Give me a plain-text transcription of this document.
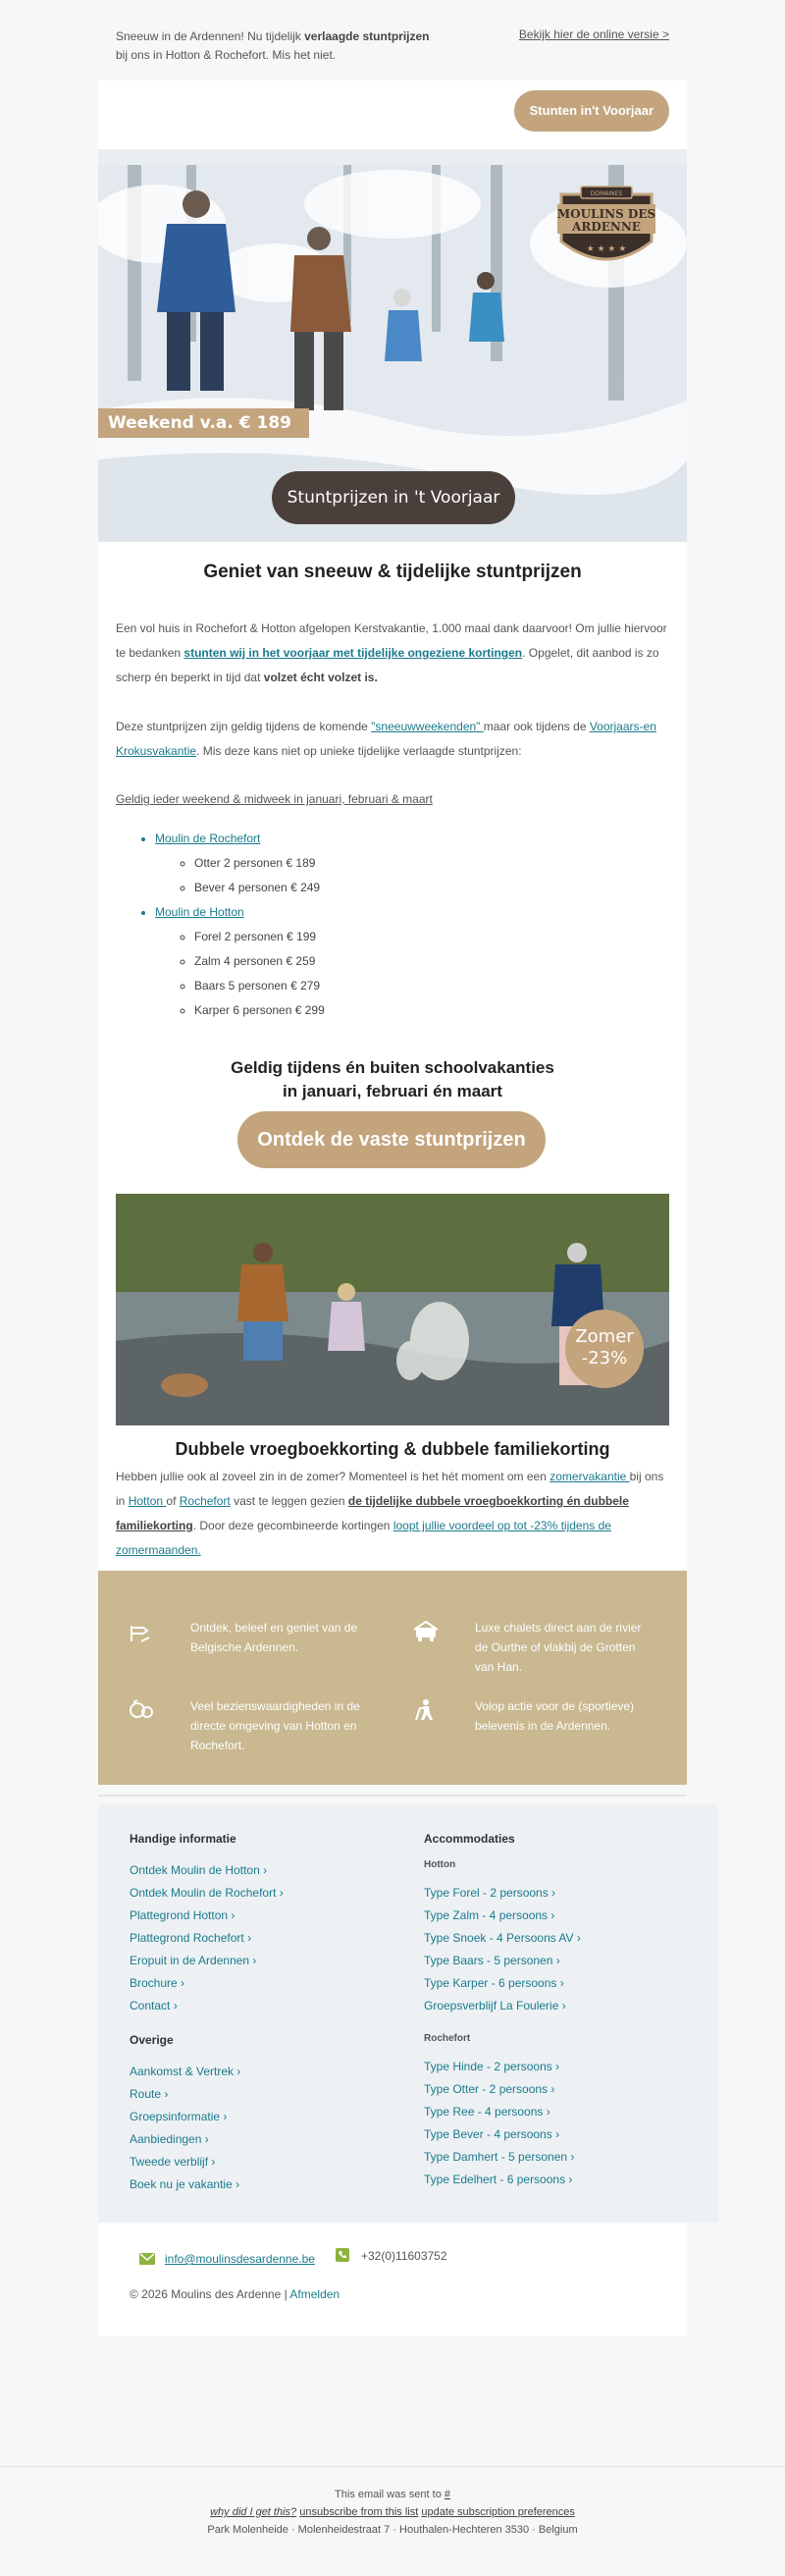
Sneeuw in de Ardennen! Nu tijdelijk verlaagde stuntprijzen bij ons in Hotton & Rochefort. Mis het niet.
Bekijk hier de online versie >
Stunten in't Voorjaar
DOMAINES
MOULINS DES
ARDENNE
★ ★ ★ ★
Weekend v.a. € 189
Stuntprijzen in 't Voorjaar
Geniet van sneeuw & tijdelijke stuntprijzen
Een vol huis in Rochefort & Hotton afgelopen Kerstvakantie, 1.000 maal dank daarvoor! Om jullie hiervoor te bedanken stunten wij in het voorjaar met tijdelijke ongeziene kortingen. Opgelet, dit aanbod is zo scherp én beperkt in tijd dat volzet écht volzet is.
Deze stuntprijzen zijn geldig tijdens de komende "sneeuwweekenden" maar ook tijdens de Voorjaars-en Krokusvakantie. Mis deze kans niet op unieke tijdelijke verlaagde stuntprijzen:
Geldig ieder weekend & midweek in januari, februari & maart
• Moulin de Rochefort
◦ Otter 2 personen € 189
◦ Bever 4 personen € 249
• Moulin de Hotton
◦ Forel 2 personen € 199
◦ Zalm 4 personen € 259
◦ Baars 5 personen € 279
◦ Karper 6 personen € 299
Geldig tijdens én buiten schoolvakanties
in januari, februari én maart
Ontdek de vaste stuntprijzen
Zomer
-23%
Dubbele vroegboekkorting & dubbele familiekorting
Hebben jullie ook al zoveel zin in de zomer? Momenteel is het hét moment om een zomervakantie bij ons in Hotton of Rochefort vast te leggen gezien de tijdelijke dubbele vroegboekkorting én dubbele familiekorting. Door deze gecombineerde kortingen loopt jullie voordeel op tot -23% tijdens de zomermaanden.
Ontdek, beleef en geniet van de Belgische Ardennen.
Luxe chalets direct aan de rivier de Ourthe of vlakbij de Grotten van Han.
Veel bezienswaardigheden in de directe omgeving van Hotton en Rochefort.
Volop actie voor de (sportieve) belevenis in de Ardennen.
Handige informatie
Ontdek Moulin de Hotton ›
Ontdek Moulin de Rochefort ›
Plattegrond Hotton ›
Plattegrond Rochefort ›
Eropuit in de Ardennen ›
Brochure ›
Contact ›
Overige
Aankomst & Vertrek ›
Route ›
Groepsinformatie ›
Aanbiedingen ›
Tweede verblijf ›
Boek nu je vakantie ›
Accommodaties
Hotton
Type Forel - 2 persoons ›
Type Zalm - 4 persoons ›
Type Snoek - 4 Persoons AV ›
Type Baars - 5 personen ›
Type Karper - 6 persoons ›
Groepsverblijf La Foulerie ›
Rochefort
Type Hinde - 2 persoons ›
Type Otter - 2 persoons ›
Type Ree - 4 persoons ›
Type Bever - 4 persoons ›
Type Damhert - 5 personen ›
Type Edelhert - 6 persoons ›
info@moulinsdesardenne.be	+32(0)11603752
© 2026 Moulins des Ardenne | Afmelden
This email was sent to #
why did I get this? unsubscribe from this list update subscription preferences
Park Molenheide · Molenheidestraat 7 · Houthalen-Hechteren 3530 · Belgium
